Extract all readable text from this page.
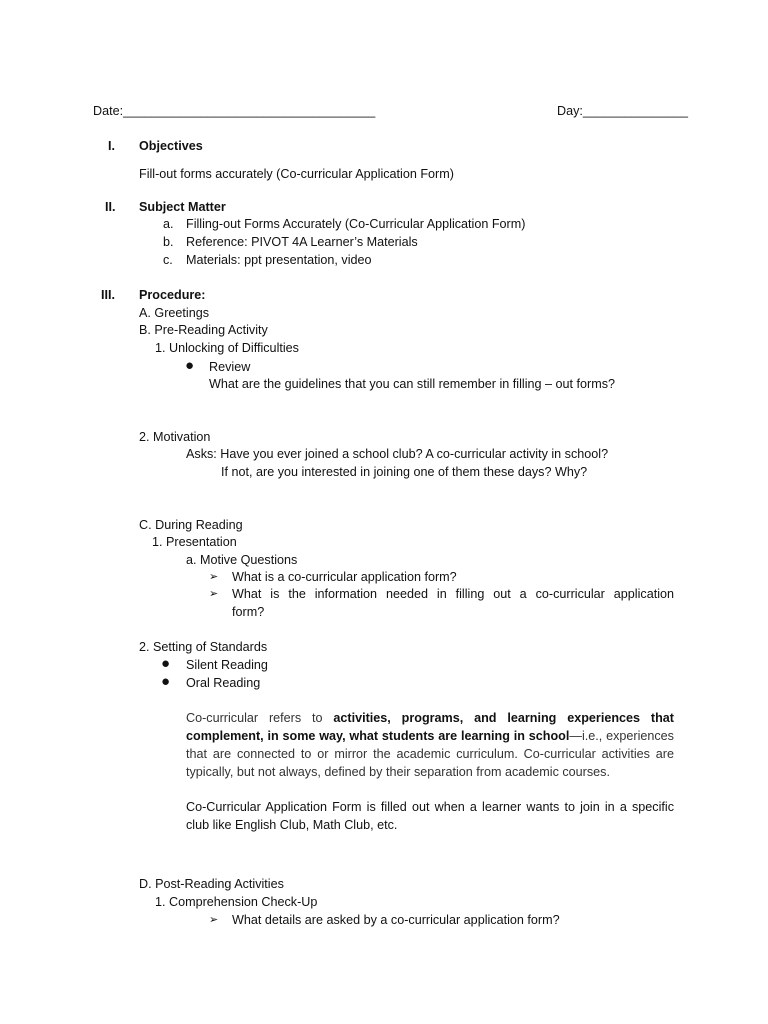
Date:____________________________________	Day:_______________
I. Objectives
Fill-out forms accurately (Co-curricular Application Form)
II. Subject Matter
a. Filling-out Forms Accurately (Co-Curricular Application Form)
b. Reference: PIVOT 4A Learner’s Materials
c. Materials: ppt presentation, video
III. Procedure:
A. Greetings
B. Pre-Reading Activity
1. Unlocking of Difficulties
● Review
What are the guidelines that you can still remember in filling – out forms?
2. Motivation
Asks: Have you ever joined a school club? A co-curricular activity in school?
If not, are you interested in joining one of them these days? Why?
C. During Reading
1. Presentation
a. Motive Questions
➢ What is a co-curricular application form?
➢ What is the information needed in filling out a co-curricular application
form?
2. Setting of Standards
● Silent Reading
● Oral Reading
Co-curricular refers to activities, programs, and learning experiences that
complement, in some way, what students are learning in school—i.e., experiences
that are connected to or mirror the academic curriculum. Co-curricular activities are
typically, but not always, defined by their separation from academic courses.
Co-Curricular Application Form is filled out when a learner wants to join in a specific
club like English Club, Math Club, etc.
D. Post-Reading Activities
1. Comprehension Check-Up
➢ What details are asked by a co-curricular application form?
